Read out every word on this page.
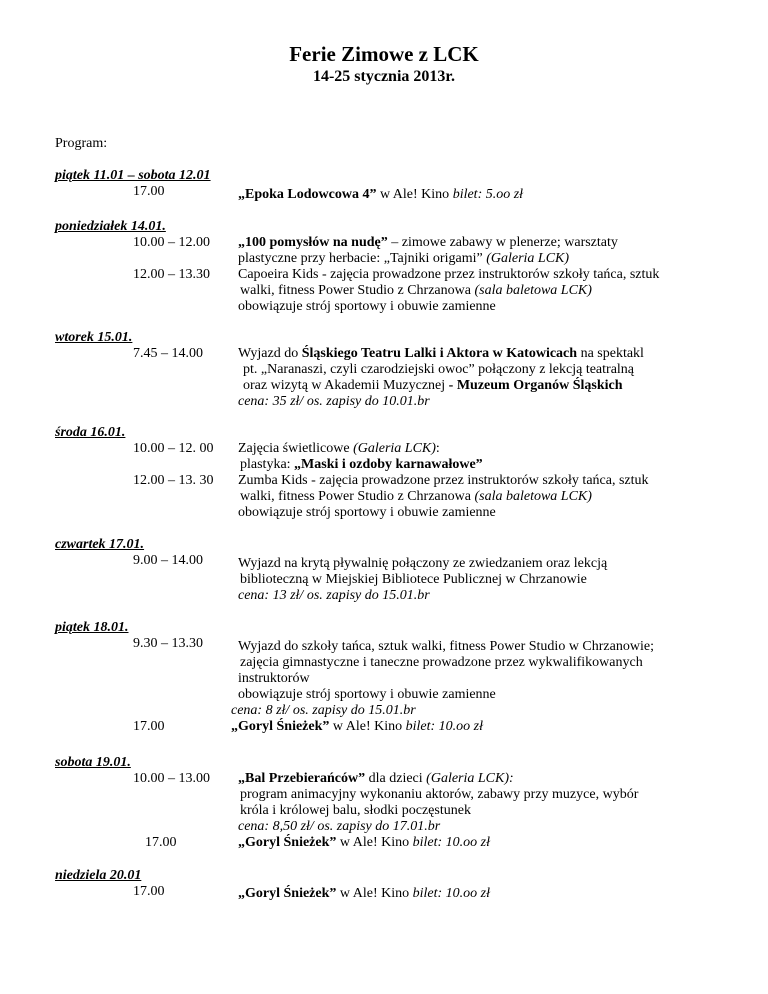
Ferie Zimowe z LCK
14-25 stycznia 2013r.
Program:
piątek 11.01 – sobota 12.01
17.00	„Epoka Lodowcowa 4” w Ale! Kino bilet: 5.oo zł
poniedziałek 14.01.
10.00 – 12.00 „100 pomysłów na nudę” – zimowe zabawy w plenerze; warsztaty
plastyczne przy herbacie: „Tajniki origami” (Galeria LCK)
12.00 – 13.30 Capoeira Kids - zajęcia prowadzone przez instruktorów szkoły tańca, sztuk
walki, fitness Power Studio z Chrzanowa (sala baletowa LCK)
obowiązuje strój sportowy i obuwie zamienne
wtorek 15.01.
7.45 – 14.00	Wyjazd do Śląskiego Teatru Lalki i Aktora w Katowicach na spektakl
pt. „Naranaszi, czyli czarodziejski owoc” połączony z lekcją teatralną
oraz wizytą w Akademii Muzycznej - Muzeum Organów Śląskich
cena: 35 zł/ os. zapisy do 10.01.br
środa 16.01.
10.00 – 12. 00 Zajęcia świetlicowe (Galeria LCK):
plastyka: „Maski i ozdoby karnawałowe”
12.00 – 13. 30 Zumba Kids - zajęcia prowadzone przez instruktorów szkoły tańca, sztuk
walki, fitness Power Studio z Chrzanowa (sala baletowa LCK)
obowiązuje strój sportowy i obuwie zamienne
czwartek 17.01.
9.00 – 14.00	Wyjazd na krytą pływalnię połączony ze zwiedzaniem oraz lekcją
biblioteczną w Miejskiej Bibliotece Publicznej w Chrzanowie
cena: 13 zł/ os. zapisy do 15.01.br
piątek 18.01.
9.30 – 13.30	Wyjazd do szkoły tańca, sztuk walki, fitness Power Studio w Chrzanowie;
zajęcia gimnastyczne i taneczne prowadzone przez wykwalifikowanych
instruktorów
obowiązuje strój sportowy i obuwie zamienne
cena: 8 zł/ os. zapisy do 15.01.br
17.00	„Goryl Śnieżek” w Ale! Kino bilet: 10.oo zł
sobota 19.01.
10.00 – 13.00 „Bal Przebierańców” dla dzieci (Galeria LCK):
program animacyjny wykonaniu aktorów, zabawy przy muzyce, wybór
króla i królowej balu, słodki poczęstunek
cena: 8,50 zł/ os. zapisy do 17.01.br
17.00	„Goryl Śnieżek” w Ale! Kino bilet: 10.oo zł
niedziela 20.01
17.00	„Goryl Śnieżek” w Ale! Kino bilet: 10.oo zł
